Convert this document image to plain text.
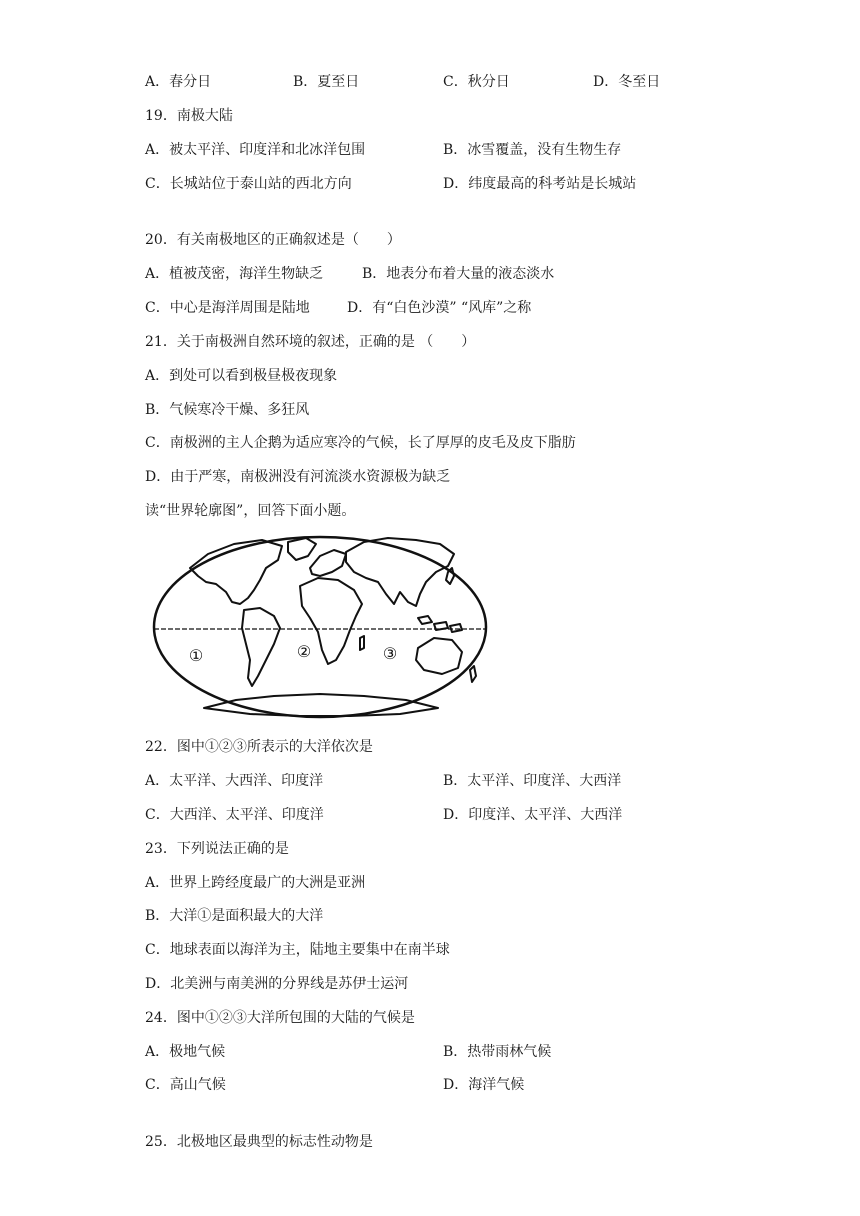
A．春分日	B．夏至日	C．秋分日	D．冬至日
19．南极大陆
A．被太平洋、印度洋和北冰洋包围	B．冰雪覆盖，没有生物生存
C．长城站位于泰山站的西北方向	D．纬度最高的科考站是长城站
20．有关南极地区的正确叙述是（　　）
A．植被茂密，海洋生物缺乏	B．地表分布着大量的液态淡水
C．中心是海洋周围是陆地	D．有“白色沙漠” “风库”之称
21．关于南极洲自然环境的叙述，正确的是 （　　）
A．到处可以看到极昼极夜现象
B．气候寒冷干燥、多狂风
C．南极洲的主人企鹅为适应寒冷的气候，长了厚厚的皮毛及皮下脂肪
D．由于严寒，南极洲没有河流淡水资源极为缺乏
读“世界轮廓图”，回答下面小题。
①	②	③
22．图中①②③所表示的大洋依次是
A．太平洋、大西洋、印度洋	B．太平洋、印度洋、大西洋
C．大西洋、太平洋、印度洋	D．印度洋、太平洋、大西洋
23．下列说法正确的是
A．世界上跨经度最广的大洲是亚洲
B．大洋①是面积最大的大洋
C．地球表面以海洋为主，陆地主要集中在南半球
D．北美洲与南美洲的分界线是苏伊士运河
24．图中①②③大洋所包围的大陆的气候是
A．极地气候	B．热带雨林气候
C．高山气候	D．海洋气候
25．北极地区最典型的标志性动物是
